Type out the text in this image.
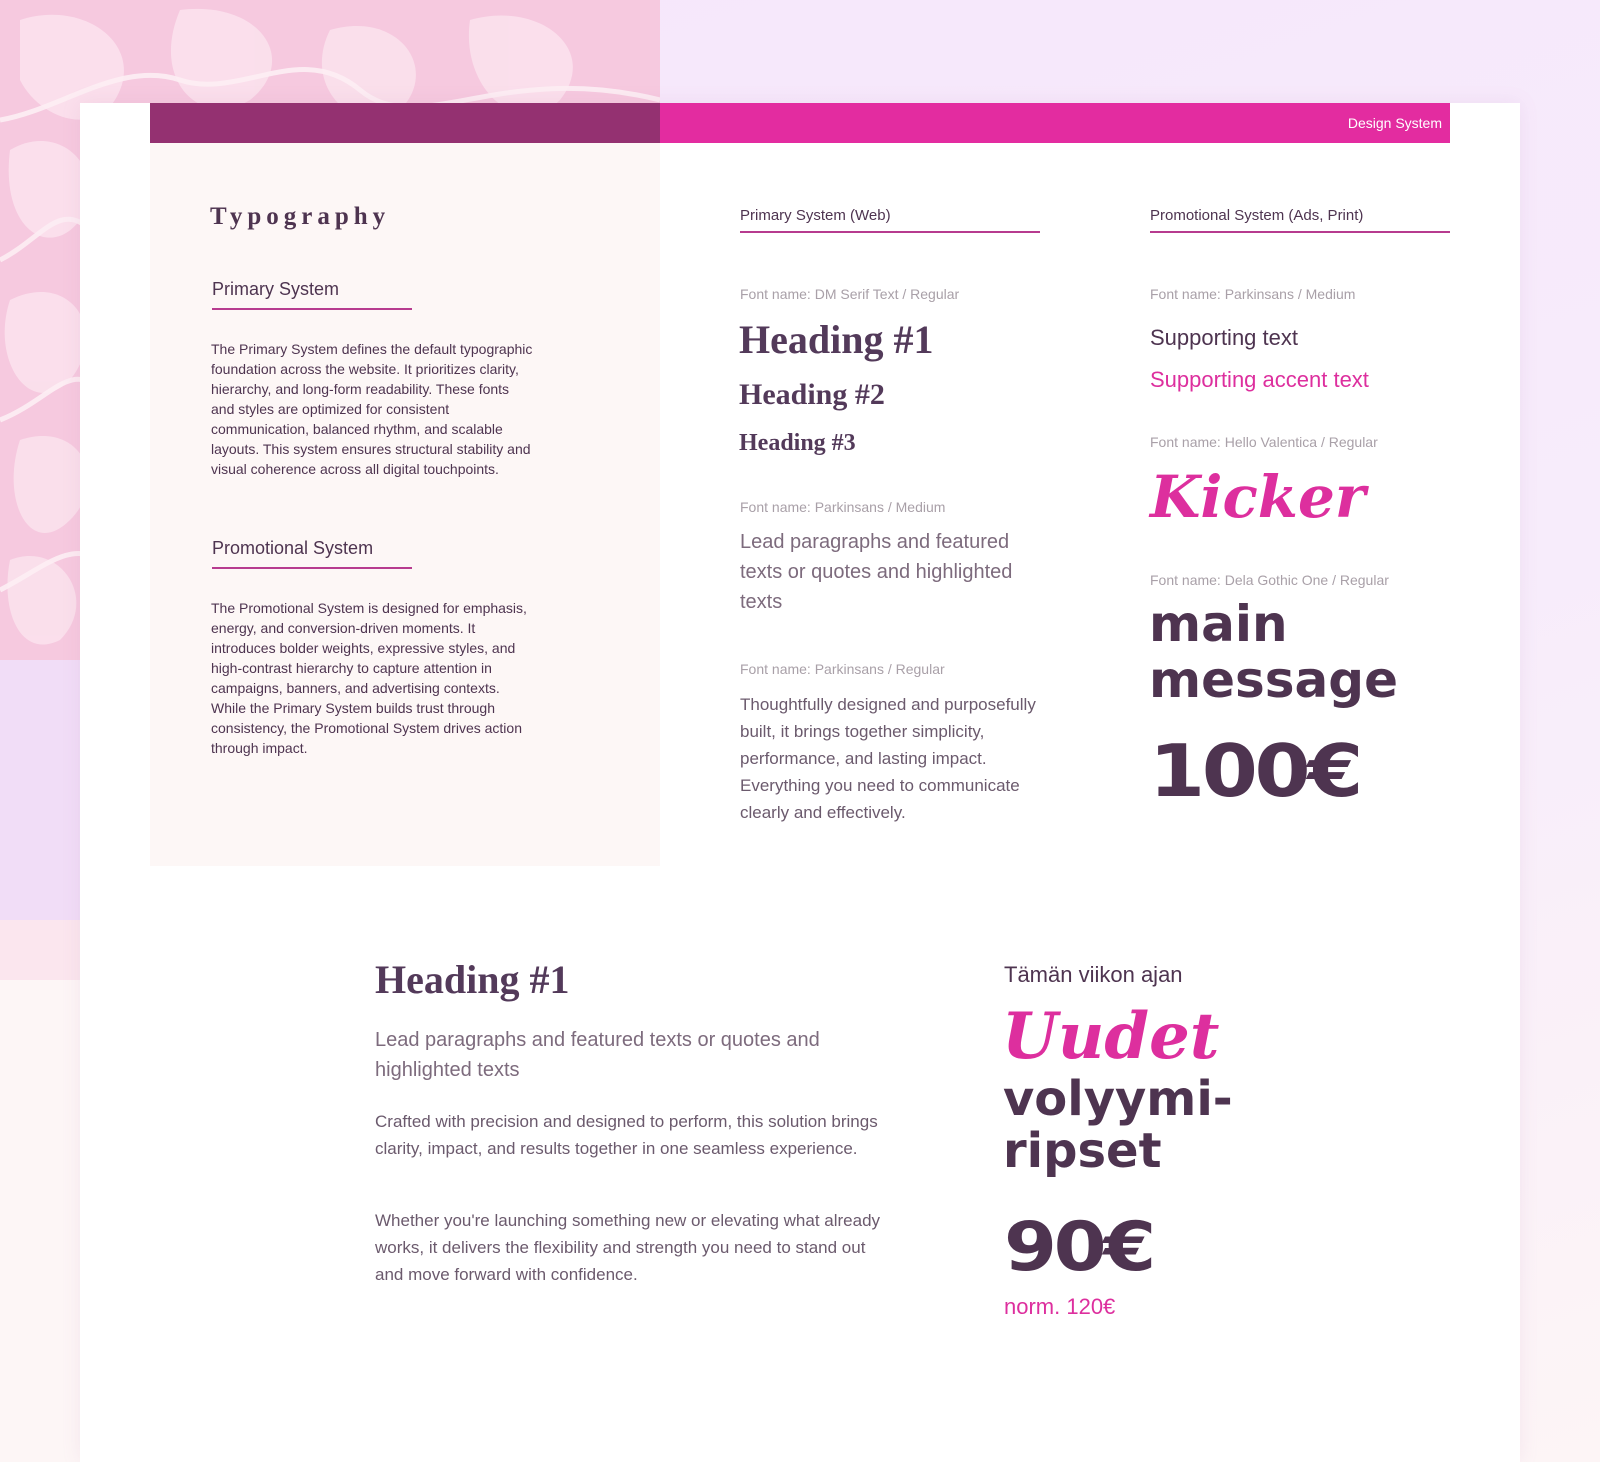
Design System
Typography
Primary System

The Primary System defines the default typographic foundation across the website. It prioritizes clarity, hierarchy, and long-form readability. These fonts and styles are optimized for consistent communication, balanced rhythm, and scalable layouts. This system ensures structural stability and visual coherence across all digital touchpoints.

Promotional System

The Promotional System is designed for emphasis, energy, and conversion-driven moments. It introduces bolder weights, expressive styles, and high-contrast hierarchy to capture attention in campaigns, banners, and advertising contexts. While the Primary System builds trust through consistency, the Promotional System drives action through impact.

Primary System (Web)
Font name: DM Serif Text / Regular
Heading #1
Heading #2
Heading #3
Font name: Parkinsans / Medium

Lead paragraphs and featured texts or quotes and highlighted texts

Font name: Parkinsans / Regular

Thoughtfully designed and purposefully built, it brings together simplicity, performance, and lasting impact. Everything you need to communicate clearly and effectively.

Promotional System (Ads, Print)
Font name: Parkinsans / Medium
Supporting text
Supporting accent text
Font name: Hello Valentica / Regular
Kicker
Font name: Dela Gothic One / Regular
main
message
100€
Heading #1

Lead paragraphs and featured texts or quotes and highlighted texts

Crafted with precision and designed to perform, this solution brings clarity, impact, and results together in one seamless experience.

Whether you're launching something new or elevating what already works, it delivers the flexibility and strength you need to stand out and move forward with confidence.

Tämän viikon ajan
Uudet
volyymi-
ripset
90€
norm. 120€
